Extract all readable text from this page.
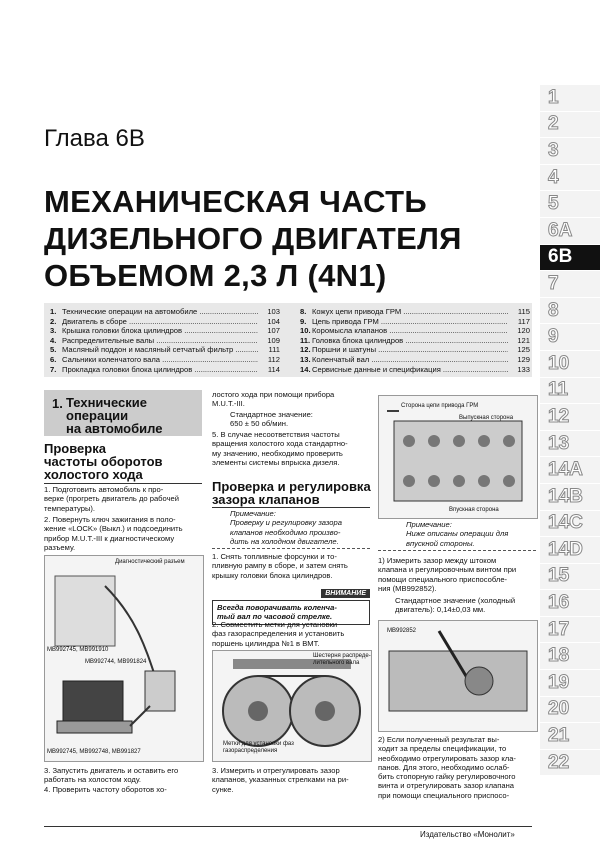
1
2
3
4
5
6А
6В
7
8
9
10
11
12
13
14А
14В
14С
14D
15
16
17
18
19
20
21
22
Глава 6В
МЕХАНИЧЕСКАЯ ЧАСТЬ
ДИЗЕЛЬНОГО ДВИГАТЕЛЯ
ОБЪЕМОМ 2,3 Л (4N1)
1. Технические операции на автомобиле .....	103
2. Двигатель в сборе .....	104
3. Крышка головки блока цилиндров .....	107
4. Распределительные валы .....	109
5. Масляный поддон и масляный сетчатый фильтр .....	111
6. Сальники коленчатого вала .....	112
7. Прокладка головки блока цилиндров .....	114
8. Кожух цепи привода ГРМ .....	115
9. Цепь привода ГРМ .....	117
10. Коромысла клапанов .....	120
11. Головка блока цилиндров .....	121
12. Поршни и шатуны .....	125
13. Коленчатый вал .....	129
14. Сервисные данные и спецификация .....	133
1. Технические
операции
на автомобиле
Проверка
частоты оборотов
холостого хода
1. Подготовить автомобиль к про-
верке (прогреть двигатель до рабочей
температуры).
2. Повернуть ключ зажигания в поло-
жение «LOCK» (Выкл.) и подсоединить
прибор M.U.T.-III к диагностическому
разъему.
Диагностический разъем
MB992745, MB991910
MB992744, MB991824
MB992745, MB992748, MB991827
3. Запустить двигатель и оставить его
работать на холостом ходу.
4. Проверить частоту оборотов хо-
лостого хода при помощи прибора
M.U.T.-III.
Стандартное значение:
650 ± 50 об/мин.
5. В случае несоответствия частоты
вращения холостого хода стандартно-
му значению, необходимо проверить
элементы системы впрыска дизеля.
Проверка и регулировка
зазора клапанов
Примечание:
Проверку и регулировку зазора
клапанов необходимо произво-
дить на холодном двигателе.
1. Снять топливные форсунки и то-
пливную рампу в сборе, и затем снять
крышку головки блока цилиндров.
ВНИМАНИЕ
Всегда поворачивать коленча-
тый вал по часовой стрелке.
2. Совместить метки для установки
фаз газораспределения и установить
поршень цилиндра №1 в ВМТ.
Шестерня распреде-
лительного вала
Метки для установки фаз
газораспределения
3. Измерить и отрегулировать зазор
клапанов, указанных стрелками на ри-
сунке.
Сторона цепи привода ГРМ
Выпускная сторона
Впускная сторона
Примечание:
Ниже описаны операции для
впускной стороны.
1) Измерить зазор между штоком
клапана и регулировочным винтом при
помощи специального приспособле-
ния (MB992852).
Стандартное значение (холодный
двигатель): 0,14±0,03 мм.
MB992852
2) Если полученный результат вы-
ходит за пределы спецификации, то
необходимо отрегулировать зазор кла-
панов. Для этого, необходимо ослаб-
бить стопорную гайку регулировочного
винта и отрегулировать зазор клапана
при помощи специального приспосо-
Издательство «Монолит»
